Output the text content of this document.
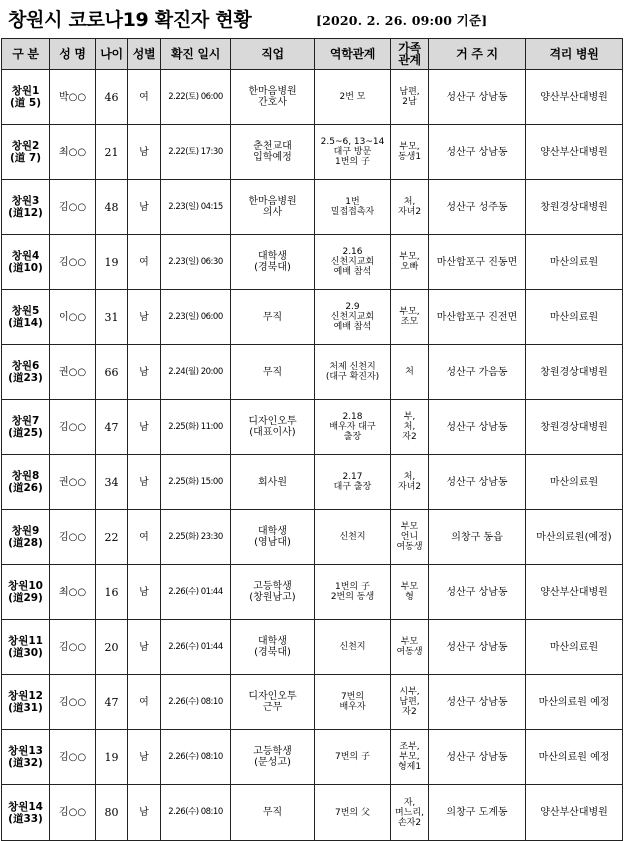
창원시 코로나19 확진자 현황	[2020. 2. 26. 09:00 기준]
구 분	성 명	나이	성별	확진 일시	직업	역학관계	가족
관계	거 주 지	격리 병원
창원1
(道 5)	박○○	46	여	2.22(토) 06:00	한마음병원
간호사	2번 모	남편,
2남	성산구 상남동	양산부산대병원
창원2
(道 7)	최○○	21	남	2.22(토) 17:30	춘천교대
입학예정	2.5~6, 13~14
대구 방문
1번의 子	부모,
동생1	성산구 상남동	양산부산대병원
창원3
(道12)	김○○	48	남	2.23(일) 04:15	한마음병원
의사	1번
밀접접촉자	처,
자녀2	성산구 성주동	창원경상대병원
창원4
(道10)	김○○	19	여	2.23(일) 06:30	대학생
(경북대)	2.16
신천지교회
예배 참석	부모,
오빠	마산합포구 진동면	마산의료원
창원5
(道14)	이○○	31	남	2.23(일) 06:00	무직	2.9
신천지교회
예배 참석	부모,
조모	마산합포구 진전면	마산의료원
창원6
(道23)	권○○	66	남	2.24(월) 20:00	무직	처제 신천지
(대구 확진자)	처	성산구 가음동	창원경상대병원
창원7
(道25)	김○○	47	남	2.25(화) 11:00	디자인오투
(대표이사)	2.18
배우자 대구
출장	부,
처,
자2	성산구 상남동	창원경상대병원
창원8
(道26)	권○○	34	남	2.25(화) 15:00	회사원	2.17
대구 출장	처,
자녀2	성산구 상남동	마산의료원
창원9
(道28)	김○○	22	여	2.25(화) 23:30	대학생
(영남대)	신천지	부모
언니
여동생	의창구 동읍	마산의료원(예정)
창원10
(道29)	최○○	16	남	2.26(수) 01:44	고등학생
(창원남고)	1번의 子
2번의 동생	부모
형	성산구 상남동	양산부산대병원
창원11
(道30)	김○○	20	남	2.26(수) 01:44	대학생
(경북대)	신천지	부모
여동생	성산구 상남동	마산의료원
창원12
(道31)	김○○	47	여	2.26(수) 08:10	디자인오투
근무	7번의
배우자	시부,
남편,
자2	성산구 상남동	마산의료원 예정
창원13
(道32)	김○○	19	남	2.26(수) 08:10	고등학생
(문성고)	7번의 子	조부,
부모,
형제1	성산구 상남동	마산의료원 예정
창원14
(道33)	김○○	80	남	2.26(수) 08:10	무직	7번의 父	자,
며느리,
손자2	의창구 도계동	양산부산대병원
